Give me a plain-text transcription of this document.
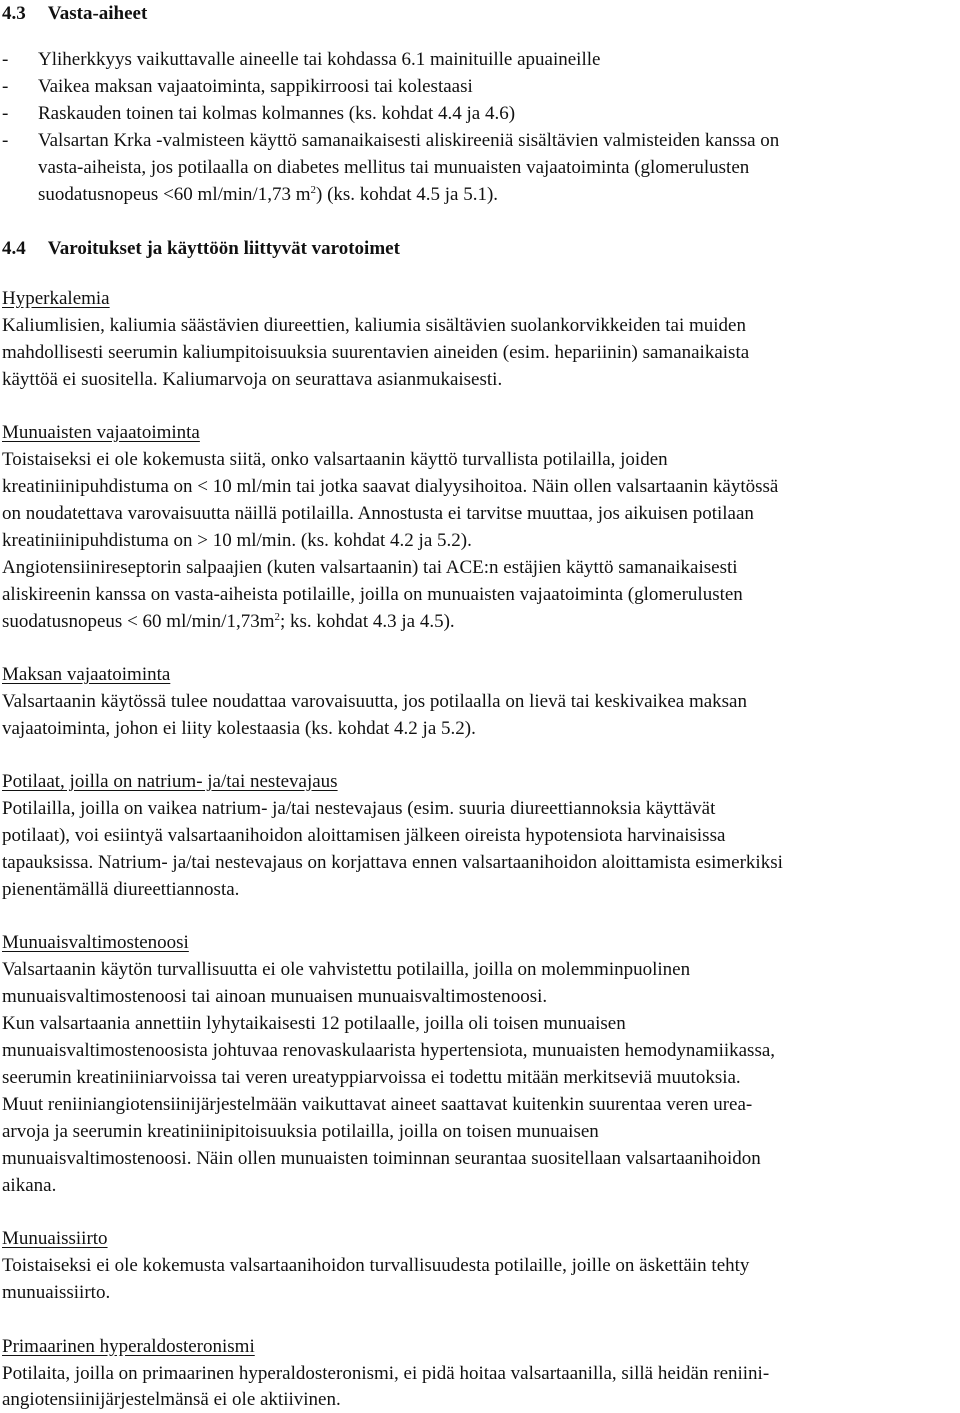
4.3 Vasta-aiheet
- Yliherkkyys vaikuttavalle aineelle tai kohdassa 6.1 mainituille apuaineille

- Vaikea maksan vajaatoiminta, sappikirroosi tai kolestaasi

- Raskauden toinen tai kolmas kolmannes (ks. kohdat 4.4 ja 4.6)

- Valsartan Krka -valmisteen käyttö samanaikaisesti aliskireeniä sisältävien valmisteiden kanssa on

vasta-aiheista, jos potilaalla on diabetes mellitus tai munuaisten vajaatoiminta (glomerulusten

suodatusnopeus <60 ml/min/1,73 $m^2$) (ks. kohdat 4.5 ja 5.1).

4.4 Varoitukset ja käyttöön liittyvät varotoimet

Hyperkalemia

Kaliumlisien, kaliumia säästävien diureettien, kaliumia sisältävien suolankorvikkeiden tai muiden

mahdollisesti seerumin kaliumpitoisuuksia suurentavien aineiden (esim. hepariinin) samanaikaista

käyttöä ei suositella. Kaliumarvoja on seurattava asianmukaisesti.

Munuaisten vajaatoiminta

Toistaiseksi ei ole kokemusta siitä, onko valsartaanin käyttö turvallista potilailla, joiden

kreatiniinipuhdistuma on < 10 ml/min tai jotka saavat dialyysihoitoa. Näin ollen valsartaanin käytössä

on noudatettava varovaisuutta näillä potilailla. Annostusta ei tarvitse muuttaa, jos aikuisen potilaan

kreatiniinipuhdistuma on > 10 ml/min. (ks. kohdat 4.2 ja 5.2).

Angiotensiinireseptorin salpaajien (kuten valsartaanin) tai ACE:n estäjien käyttö samanaikaisesti

aliskireenin kanssa on vasta-aiheista potilaille, joilla on munuaisten vajaatoiminta (glomerulusten

suodatusnopeus < 60 $ml/\min/1,73m^2$; ks. kohdat 4.3 ja 4.5).

Maksan vajaatoiminta

Valsartaanin käytössä tulee noudattaa varovaisuutta, jos potilaalla on lievä tai keskivaikea maksan

vajaatoiminta, johon ei liity kolestaasia (ks. kohdat 4.2 ja 5.2).

Potilaat, joilla on natrium- ja/tai nestevajaus

Potilailla, joilla on vaikea natrium- ja/tai nestevajaus (esim. suuria diureettiannoksia käyttävät

potilaat), voi esiintyä valsartaanihoidon aloittamisen jälkeen oireista hypotensiota harvinaisissa

tapauksissa. Natrium- ja/tai nestevajaus on korjattava ennen valsartaanihoidon aloittamista esimerkiksi

pienentämällä diureettiannosta.

Munuaisvaltimostenoosi

Valsartaanin käytön turvallisuutta ei ole vahvistettu potilailla, joilla on molemminpuolinen

munuaisvaltimostenoosi tai ainoan munuaisen munuaisvaltimostenoosi.

Kun valsartaania annettiin lyhytaikaisesti 12 potilaalle, joilla oli toisen munuaisen

munuaisvaltimostenoosista johtuvaa renovaskulaarista hypertensiota, munuaisten hemodynamiikassa,

seerumin kreatiniiniarvoissa tai veren ureatyppiarvoissa ei todettu mitään merkitseviä muutoksia.

Muut reniiniangiotensiinijärjestelmään vaikuttavat aineet saattavat kuitenkin suurentaa veren urea-

arvoja ja seerumin kreatiniinipitoisuuksia potilailla, joilla on toisen munuaisen

munuaisvaltimostenoosi. Näin ollen munuaisten toiminnan seurantaa suositellaan valsartaanihoidon

aikana.

Munuaissiirto

Toistaiseksi ei ole kokemusta valsartaanihoidon turvallisuudesta potilaille, joille on äskettäin tehty

munuaissiirto.

Primaarinen hyperaldosteronismi

Potilaita, joilla on primaarinen hyperaldosteronismi, ei pidä hoitaa valsartaanilla, sillä heidän reniini-

angiotensiinijärjestelmänsä ei ole aktiivinen.
